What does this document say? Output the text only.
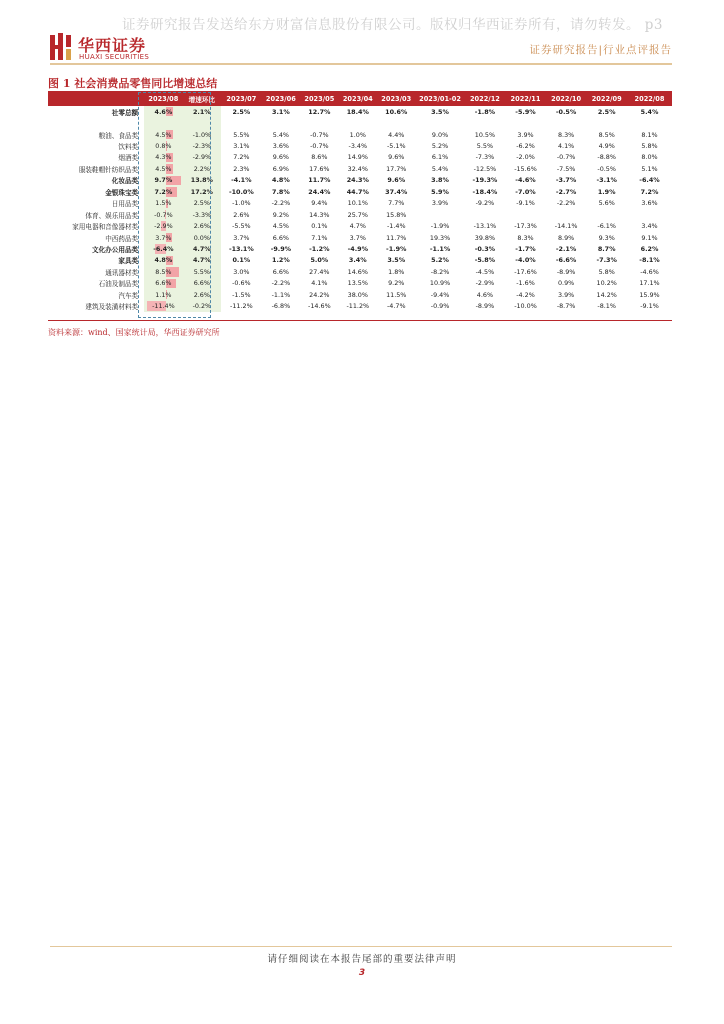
证券研究报告发送给东方财富信息股份有限公司。版权归华西证券所有，请勿转发。 p3
华西证券
HUAXI SECURITIES
证券研究报告|行业点评报告
图 1 社会消费品零售同比增速总结
	2023/08	增速环比	2023/07	2023/06	2023/05	2023/04	2023/03	2023/01-02	2022/12	2022/11	2022/10	2022/09	2022/08
社零总额	4.6%	2.1%	2.5%	3.1%	12.7%	18.4%	10.6%	3.5%	-1.8%	-5.9%	-0.5%	2.5%	5.4%

粮油、食品类	4.5%	-1.0%	5.5%	5.4%	-0.7%	1.0%	4.4%	9.0%	10.5%	3.9%	8.3%	8.5%	8.1%
饮料类	0.8%	-2.3%	3.1%	3.6%	-0.7%	-3.4%	-5.1%	5.2%	5.5%	-6.2%	4.1%	4.9%	5.8%
烟酒类	4.3%	-2.9%	7.2%	9.6%	8.6%	14.9%	9.6%	6.1%	-7.3%	-2.0%	-0.7%	-8.8%	8.0%
服装鞋帽针纺织品类	4.5%	2.2%	2.3%	6.9%	17.6%	32.4%	17.7%	5.4%	-12.5%	-15.6%	-7.5%	-0.5%	5.1%
化妆品类	9.7%	13.8%	-4.1%	4.8%	11.7%	24.3%	9.6%	3.8%	-19.3%	-4.6%	-3.7%	-3.1%	-6.4%
金银珠宝类	7.2%	17.2%	-10.0%	7.8%	24.4%	44.7%	37.4%	5.9%	-18.4%	-7.0%	-2.7%	1.9%	7.2%
日用品类	1.5%	2.5%	-1.0%	-2.2%	9.4%	10.1%	7.7%	3.9%	-9.2%	-9.1%	-2.2%	5.6%	3.6%
体育、娱乐用品类	-0.7%	-3.3%	2.6%	9.2%	14.3%	25.7%	15.8%						
家用电器和音像器材类	-2.9%	2.6%	-5.5%	4.5%	0.1%	4.7%	-1.4%	-1.9%	-13.1%	-17.3%	-14.1%	-6.1%	3.4%
中西药品类	3.7%	0.0%	3.7%	6.6%	7.1%	3.7%	11.7%	19.3%	39.8%	8.3%	8.9%	9.3%	9.1%
文化办公用品类	-6.4%	4.7%	-13.1%	-9.9%	-1.2%	-4.9%	-1.9%	-1.1%	-0.3%	-1.7%	-2.1%	8.7%	6.2%
家具类	4.8%	4.7%	0.1%	1.2%	5.0%	3.4%	3.5%	5.2%	-5.8%	-4.0%	-6.6%	-7.3%	-8.1%
通讯器材类	8.5%	5.5%	3.0%	6.6%	27.4%	14.6%	1.8%	-8.2%	-4.5%	-17.6%	-8.9%	5.8%	-4.6%
石油及制品类	6.6%	6.6%	-0.6%	-2.2%	4.1%	13.5%	9.2%	10.9%	-2.9%	-1.6%	0.9%	10.2%	17.1%
汽车类	1.1%	2.6%	-1.5%	-1.1%	24.2%	38.0%	11.5%	-9.4%	4.6%	-4.2%	3.9%	14.2%	15.9%
建筑及装潢材料类	-11.4%	-0.2%	-11.2%	-6.8%	-14.6%	-11.2%	-4.7%	-0.9%	-8.9%	-10.0%	-8.7%	-8.1%	-9.1%
资料来源：wind、国家统计局，华西证券研究所
请仔细阅读在本报告尾部的重要法律声明
3
